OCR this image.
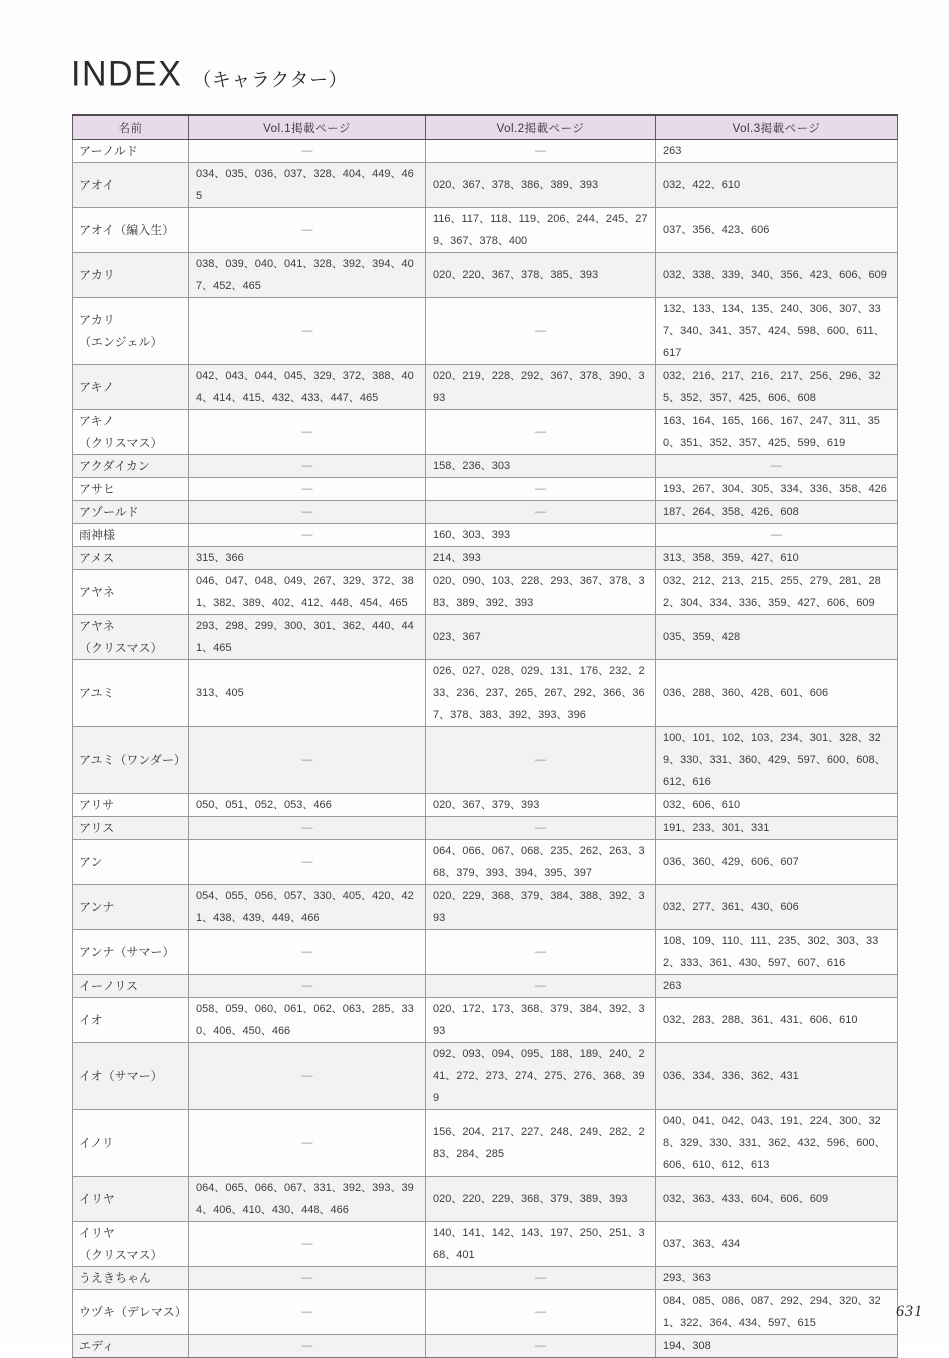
INDEX （キャラクター）
名前	Vol.1掲載ページ	Vol.2掲載ページ	Vol.3掲載ページ
アーノルド	—	—	263
アオイ	034、035、036、037、328、404、449、465	020、367、378、386、389、393	032、422、610
アオイ（編入生）	—	116、117、118、119、206、244、245、279、367、378、400	037、356、423、606
アカリ	038、039、040、041、328、392、394、407、452、465	020、220、367、378、385、393	032、338、339、340、356、423、606、609
アカリ（エンジェル）	—	—	132、133、134、135、240、306、307、337、340、341、357、424、598、600、611、617
アキノ	042、043、044、045、329、372、388、404、414、415、432、433、447、465	020、219、228、292、367、378、390、393	032、216、217、216、217、256、296、325、352、357、425、606、608
アキノ（クリスマス）	—	—	163、164、165、166、167、247、311、350、351、352、357、425、599、619
アクダイカン	—	158、236、303	—
アサヒ	—	—	193、267、304、305、334、336、358、426
アゾールド	—	—	187、264、358、426、608
雨神様	—	160、303、393	—
アメス	315、366	214、393	313、358、359、427、610
アヤネ	046、047、048、049、267、329、372、381、382、389、402、412、448、454、465	020、090、103、228、293、367、378、383、389、392、393	032、212、213、215、255、279、281、282、304、334、336、359、427、606、609
アヤネ（クリスマス）	293、298、299、300、301、362、440、441、465	023、367	035、359、428
アユミ	313、405	026、027、028、029、131、176、232、233、236、237、265、267、292、366、367、378、383、392、393、396	036、288、360、428、601、606
アユミ（ワンダー）	—	—	100、101、102、103、234、301、328、329、330、331、360、429、597、600、608、612、616
アリサ	050、051、052、053、466	020、367、379、393	032、606、610
アリス	—	—	191、233、301、331
アン	—	064、066、067、068、235、262、263、368、379、393、394、395、397	036、360、429、606、607
アンナ	054、055、056、057、330、405、420、421、438、439、449、466	020、229、368、379、384、388、392、393	032、277、361、430、606
アンナ（サマー）	—	—	108、109、110、111、235、302、303、332、333、361、430、597、607、616
イーノリス	—	—	263
イオ	058、059、060、061、062、063、285、330、406、450、466	020、172、173、368、379、384、392、393	032、283、288、361、431、606、610
イオ（サマー）	—	092、093、094、095、188、189、240、241、272、273、274、275、276、368、399	036、334、336、362、431
イノリ	—	156、204、217、227、248、249、282、283、284、285	040、041、042、043、191、224、300、328、329、330、331、362、432、596、600、606、610、612、613
イリヤ	064、065、066、067、331、392、393、394、406、410、430、448、466	020、220、229、368、379、389、393	032、363、433、604、606、609
イリヤ（クリスマス）	—	140、141、142、143、197、250、251、368、401	037、363、434
うえきちゃん	—	—	293、363
ウヅキ（デレマス）	—	—	084、085、086、087、292、294、320、321、322、364、434、597、615
エディ	—	—	194、308
631
